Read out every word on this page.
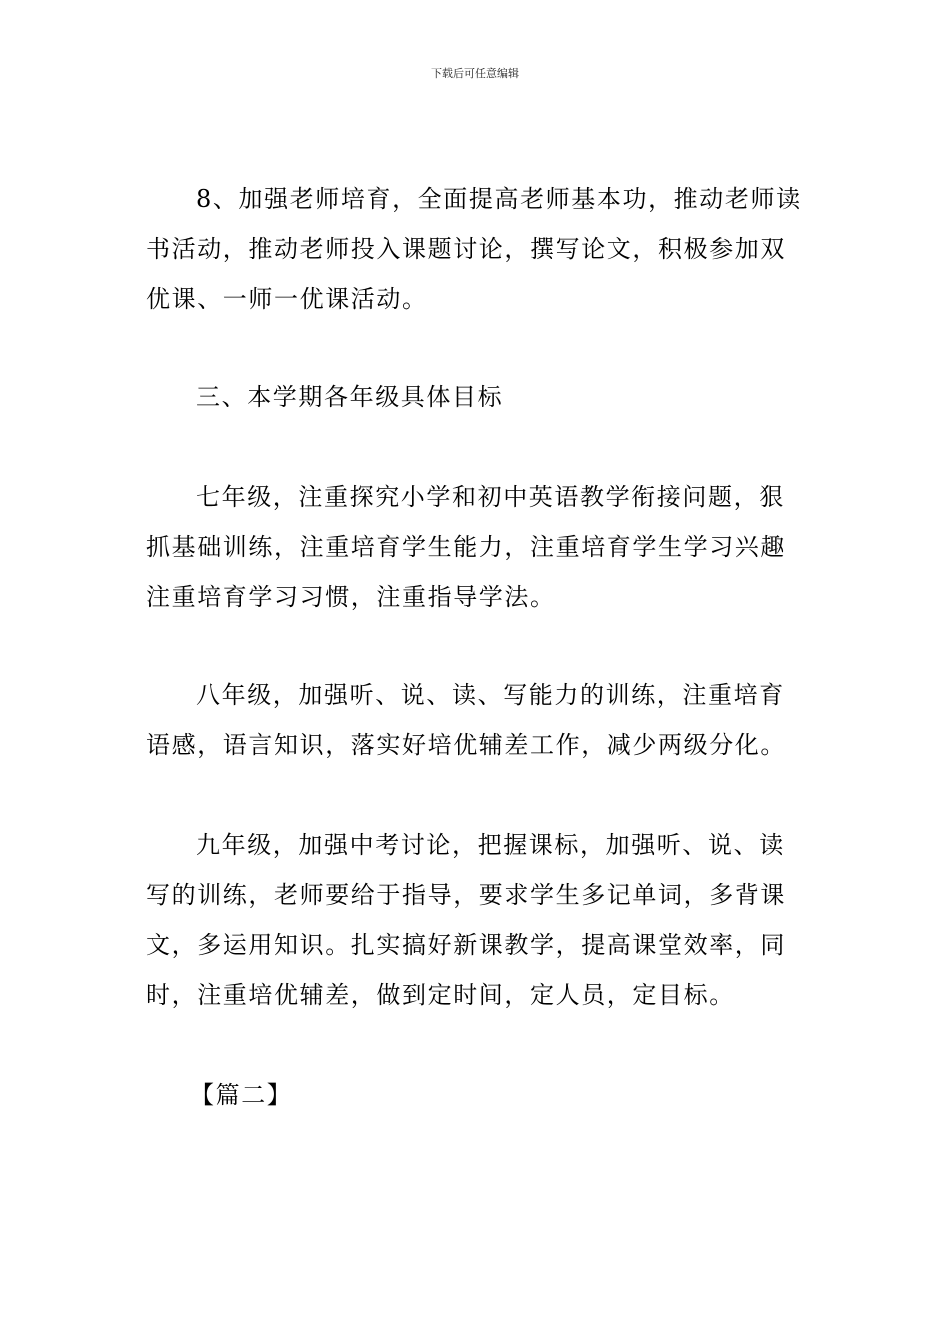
下载后可任意编辑
8、加强老师培育，全面提高老师基本功，推动老师读
书活动，推动老师投入课题讨论，撰写论文，积极参加双
优课、一师一优课活动。
三、本学期各年级具体目标
七年级，注重探究小学和初中英语教学衔接问题，狠
抓基础训练，注重培育学生能力，注重培育学生学习兴趣
注重培育学习习惯，注重指导学法。
八年级，加强听、说、读、写能力的训练，注重培育
语感，语言知识，落实好培优辅差工作，减少两级分化。
九年级，加强中考讨论，把握课标，加强听、说、读
写的训练，老师要给于指导，要求学生多记单词，多背课
文，多运用知识。扎实搞好新课教学，提高课堂效率，同
时，注重培优辅差，做到定时间，定人员，定目标。
【篇二】
